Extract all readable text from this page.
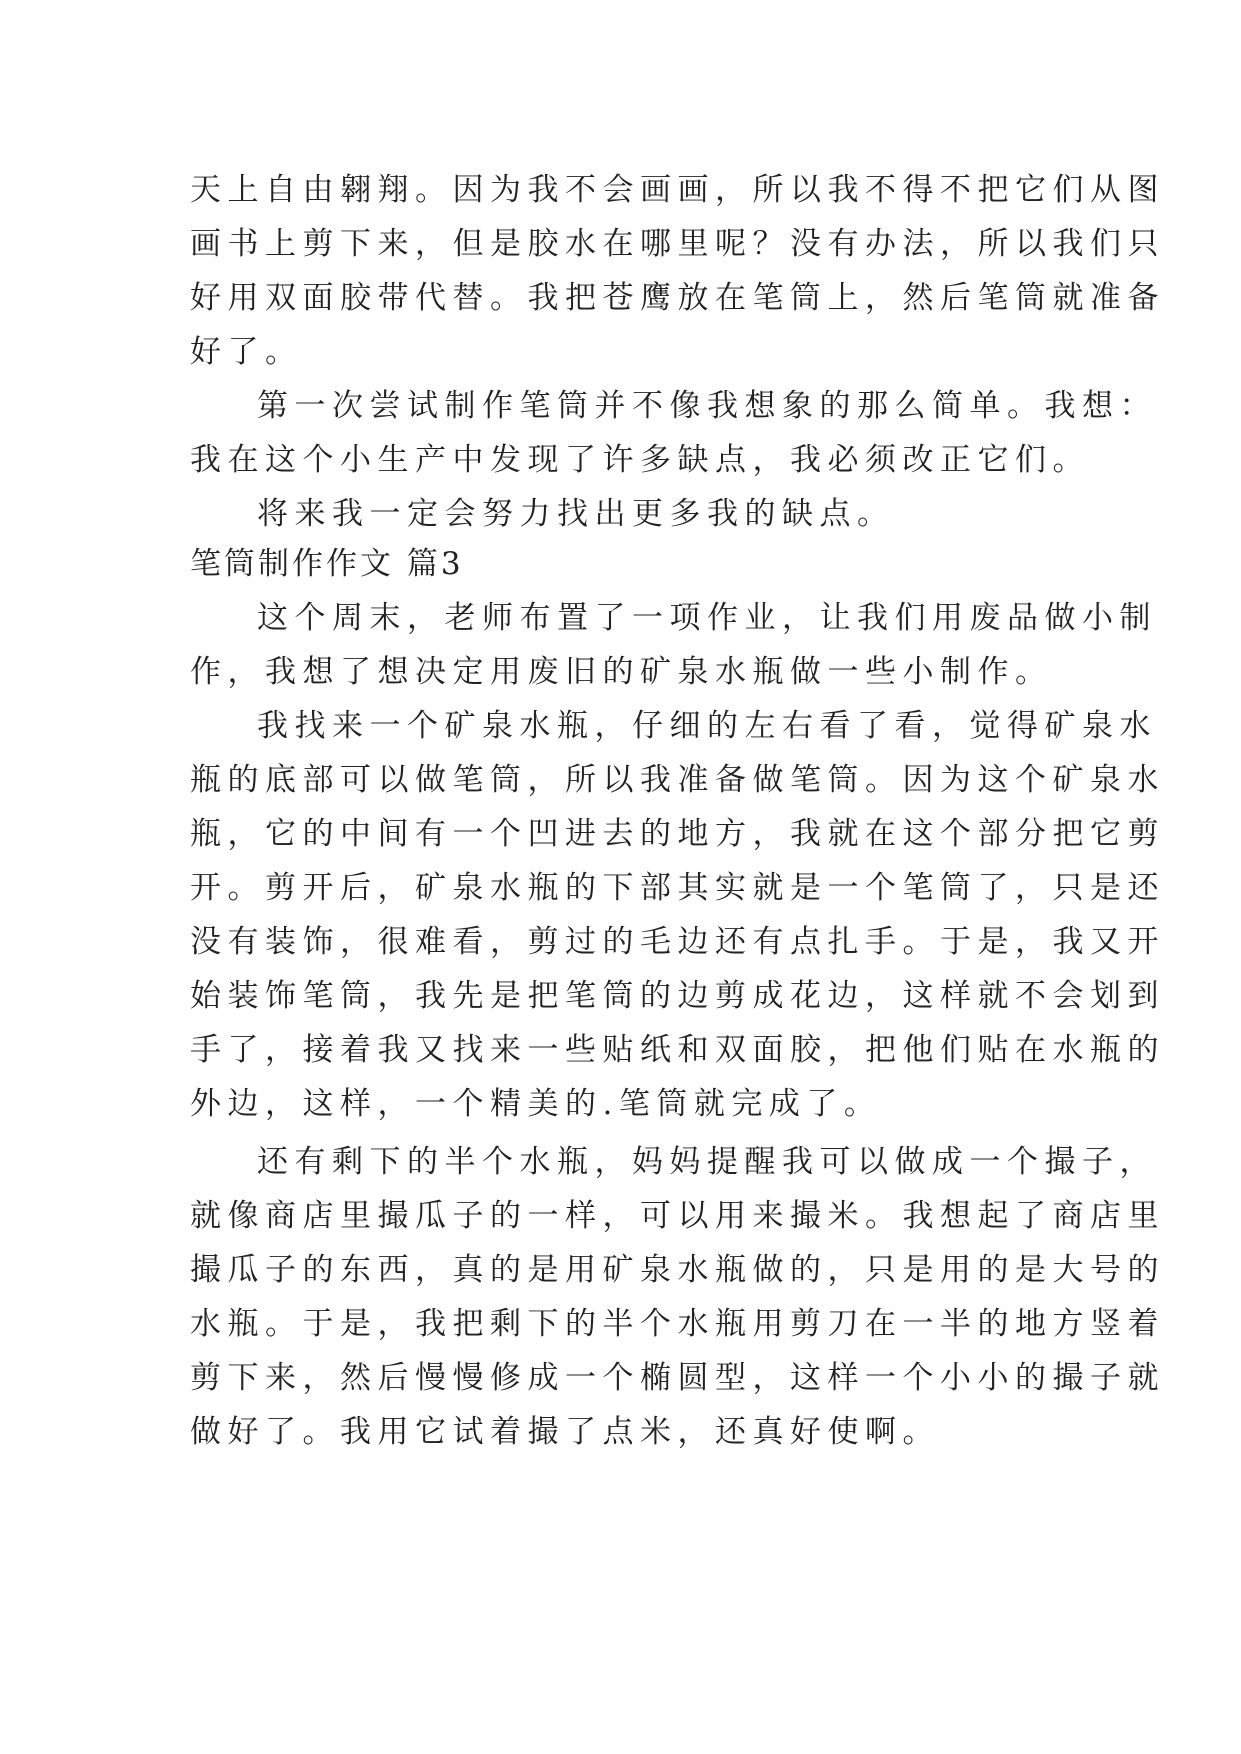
天上自由翱翔。因为我不会画画，所以我不得不把它们从图
画书上剪下来，但是胶水在哪里呢？没有办法，所以我们只
好用双面胶带代替。我把苍鹰放在笔筒上，然后笔筒就准备
好了。
第一次尝试制作笔筒并不像我想象的那么简单。我想：
我在这个小生产中发现了许多缺点，我必须改正它们。
将来我一定会努力找出更多我的缺点。
笔筒制作作文 篇3
这个周末，老师布置了一项作业，让我们用废品做小制
作，我想了想决定用废旧的矿泉水瓶做一些小制作。
我找来一个矿泉水瓶，仔细的左右看了看，觉得矿泉水
瓶的底部可以做笔筒，所以我准备做笔筒。因为这个矿泉水
瓶，它的中间有一个凹进去的地方，我就在这个部分把它剪
开。剪开后，矿泉水瓶的下部其实就是一个笔筒了，只是还
没有装饰，很难看，剪过的毛边还有点扎手。于是，我又开
始装饰笔筒，我先是把笔筒的边剪成花边，这样就不会划到
手了，接着我又找来一些贴纸和双面胶，把他们贴在水瓶的
外边，这样，一个精美的.笔筒就完成了。
还有剩下的半个水瓶，妈妈提醒我可以做成一个撮子，
就像商店里撮瓜子的一样，可以用来撮米。我想起了商店里
撮瓜子的东西，真的是用矿泉水瓶做的，只是用的是大号的
水瓶。于是，我把剩下的半个水瓶用剪刀在一半的地方竖着
剪下来，然后慢慢修成一个椭圆型，这样一个小小的撮子就
做好了。我用它试着撮了点米，还真好使啊。
